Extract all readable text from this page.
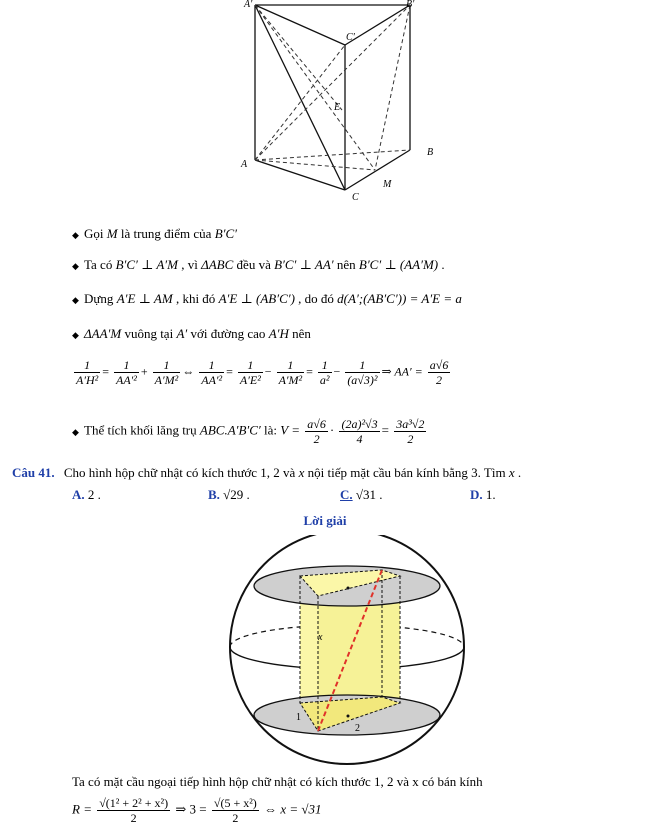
A'	B'
C'
E
A
B
M
C
◆ Gọi M là trung điểm của B′C′
◆ Ta có B′C′ ⊥ A′M , vì ΔABC đều và B′C′ ⊥ AA′ nên B′C′ ⊥ (AA′M) .
◆ Dựng A′E ⊥ AM , khi đó A′E ⊥ (AB′C′) , do đó d(A′;(AB′C′)) = A′E = a
◆ ΔAA′M vuông tại A′ với đường cao A′H nên
$\frac{1}{\text{A′H²}} = \frac{1}{\text{AA′²}} + \frac{1}{\text{A′M²}}$ ⇔ $\frac{1}{\text{AA′²}} = \frac{1}{\text{A′E²}} - \frac{1}{\text{A′M²}} = \frac{1}{\text{a²}} - \frac{1}{\text{(a√3)²}}$ ⇒ $AA' = \frac{a√6}{2}$
◆ Thể tích khối lăng trụ ABC.A′B′C′ là: $V = \frac{a√6}{2} \cdot \frac{\text{(2a)²√3}}{4} = \frac{\text{3a³√2}}{2}$
Câu 41. Cho hình hộp chữ nhật có kích thước 1, 2 và x nội tiếp mặt cầu bán kính bằng 3. Tìm x .
A. 2 .	B. √29 .	C. √31 .	D. 1.
Lời giải
x
1
2
Ta có mặt cầu ngoại tiếp hình hộp chữ nhật có kích thước 1, 2 và x có bán kính
$R = \frac{\text{√(1² + 2² + x²)}}{2}$ ⇒ $3 = \frac{\text{√(5 + x²)}}{2}$ ⇔ x = √31
